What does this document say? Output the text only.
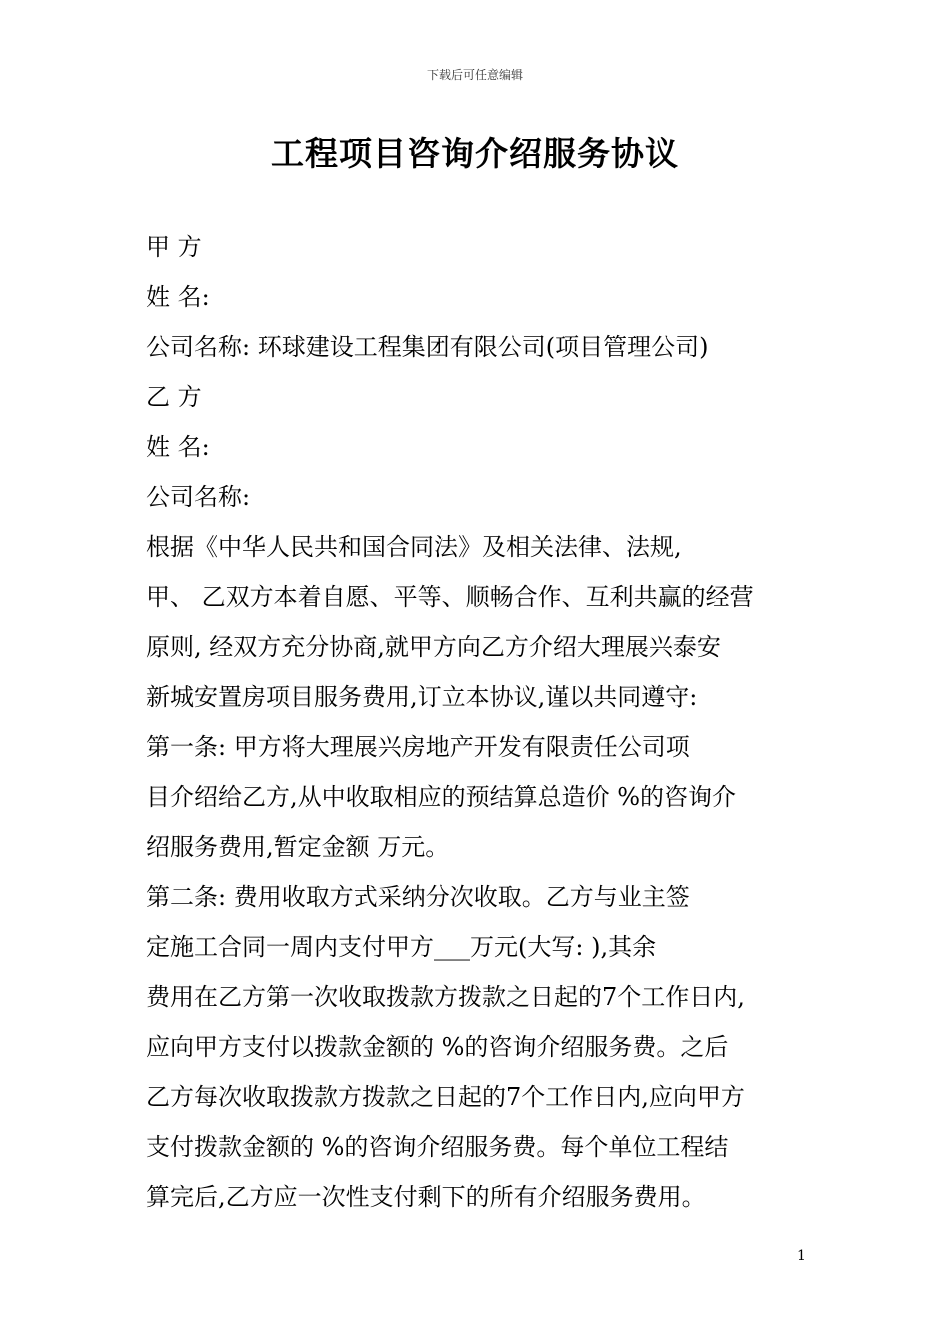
下载后可任意编辑
工程项目咨询介绍服务协议
甲 方
姓 名:
公司名称: 环球建设工程集团有限公司(项目管理公司)
乙 方
姓 名:
公司名称:
根据《中华人民共和国合同法》及相关法律、法规,
甲、 乙双方本着自愿、平等、顺畅合作、互利共赢的经营
原则, 经双方充分协商,就甲方向乙方介绍大理展兴泰安
新城安置房项目服务费用,订立本协议,谨以共同遵守:
第一条: 甲方将大理展兴房地产开发有限责任公司项
目介绍给乙方,从中收取相应的预结算总造价 %的咨询介
绍服务费用,暂定金额 万元。
第二条: 费用收取方式采纳分次收取。乙方与业主签
定施工合同一周内支付甲方___万元(大写: ),其余
费用在乙方第一次收取拨款方拨款之日起的7个工作日内,
应向甲方支付以拨款金额的 %的咨询介绍服务费。之后
乙方每次收取拨款方拨款之日起的7个工作日内,应向甲方
支付拨款金额的 %的咨询介绍服务费。每个单位工程结
算完后,乙方应一次性支付剩下的所有介绍服务费用。
1
